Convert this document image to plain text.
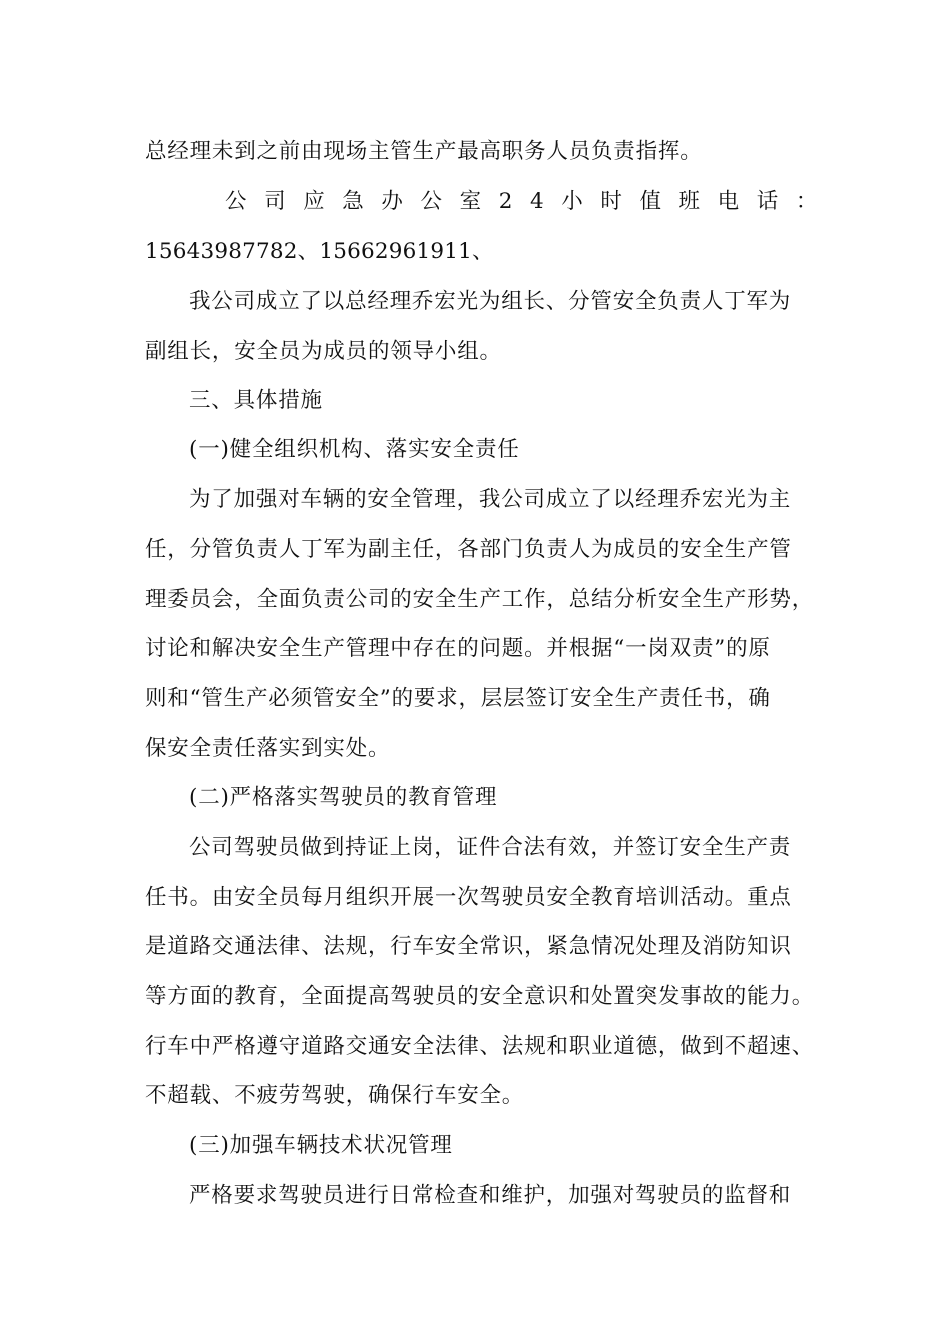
总经理未到之前由现场主管生产最高职务人员负责指挥。
公司应急办公室24小时值班电话：
15643987782、15662961911、
我公司成立了以总经理乔宏光为组长、分管安全负责人丁军为
副组长，安全员为成员的领导小组。
三、具体措施
(一)健全组织机构、落实安全责任
为了加强对车辆的安全管理，我公司成立了以经理乔宏光为主
任，分管负责人丁军为副主任，各部门负责人为成员的安全生产管
理委员会，全面负责公司的安全生产工作，总结分析安全生产形势，
讨论和解决安全生产管理中存在的问题。并根据“一岗双责”的原
则和“管生产必须管安全”的要求，层层签订安全生产责任书，确
保安全责任落实到实处。
(二)严格落实驾驶员的教育管理
公司驾驶员做到持证上岗，证件合法有效，并签订安全生产责
任书。由安全员每月组织开展一次驾驶员安全教育培训活动。重点
是道路交通法律、法规，行车安全常识，紧急情况处理及消防知识
等方面的教育，全面提高驾驶员的安全意识和处置突发事故的能力。
行车中严格遵守道路交通安全法律、法规和职业道德，做到不超速、
不超载、不疲劳驾驶，确保行车安全。
(三)加强车辆技术状况管理
严格要求驾驶员进行日常检查和维护，加强对驾驶员的监督和
